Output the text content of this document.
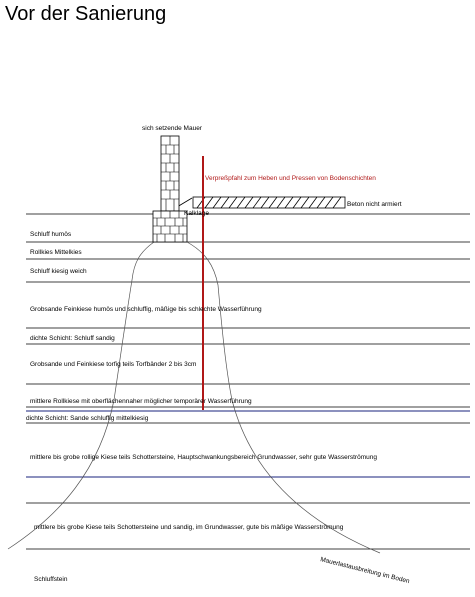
Vor der Sanierung
sich setzende Mauer
Verpreßpfahl zum Heben und Pressen von Bodenschichten
Beton nicht armiert
Kalklage
Mauerlastausbreitung im Boden
Schluff humös
Rollkies Mittelkies
Schluff kiesig weich
Grobsande Feinkiese humös und schluffig, mäßige bis schlechte Wasserführung
dichte Schicht: Schluff sandig
Grobsande und Feinkiese torfig teils Torfbänder 2 bis 3cm
mittlere Rollkiese mit oberflächennaher möglicher temporärer Wasserführung
dichte Schicht: Sande schluffig mittelkiesig
mittlere bis grobe rollige Kiese teils Schottersteine, Hauptschwankungsbereich Grundwasser, sehr gute Wasserströmung
mittlere bis grobe Kiese teils Schottersteine und sandig, im Grundwasser, gute bis mäßige Wasserströmung
Schluffstein
